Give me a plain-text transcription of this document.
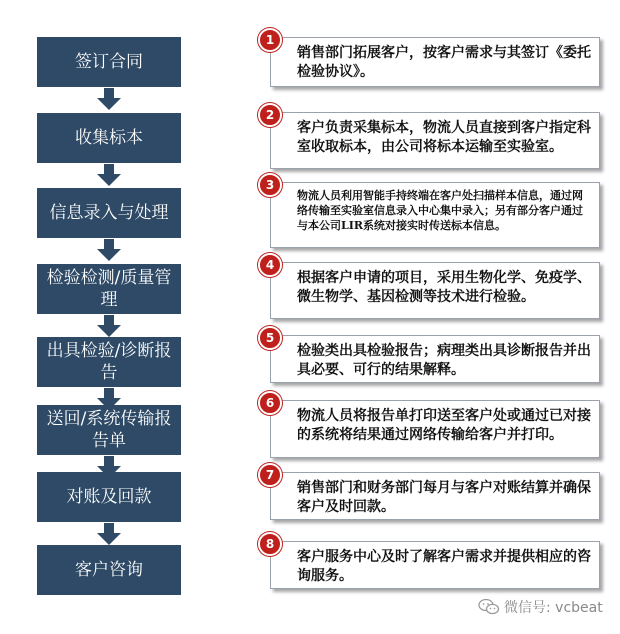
签订合同
收集标本
信息录入与处理
检验检测/质量管理
出具检验/诊断报告
送回/系统传输报告单
对账及回款
客户咨询
1
销售部门拓展客户，按客户需求与其签订《委托检验协议》。
2
客户负责采集标本，物流人员直接到客户指定科室收取标本，由公司将标本运输至实验室。
3
物流人员利用智能手持终端在客户处扫描样本信息，通过网络传输至实验室信息录入中心集中录入；另有部分客户通过与本公司LIR系统对接实时传送标本信息。
4
根据客户申请的项目，采用生物化学、免疫学、微生物学、基因检测等技术进行检验。
5
检验类出具检验报告；病理类出具诊断报告并出具必要、可行的结果解释。
6
物流人员将报告单打印送至客户处或通过已对接的系统将结果通过网络传输给客户并打印。
7
销售部门和财务部门每月与客户对账结算并确保客户及时回款。
8
客户服务中心及时了解客户需求并提供相应的咨询服务。
微信号: vcbeat
